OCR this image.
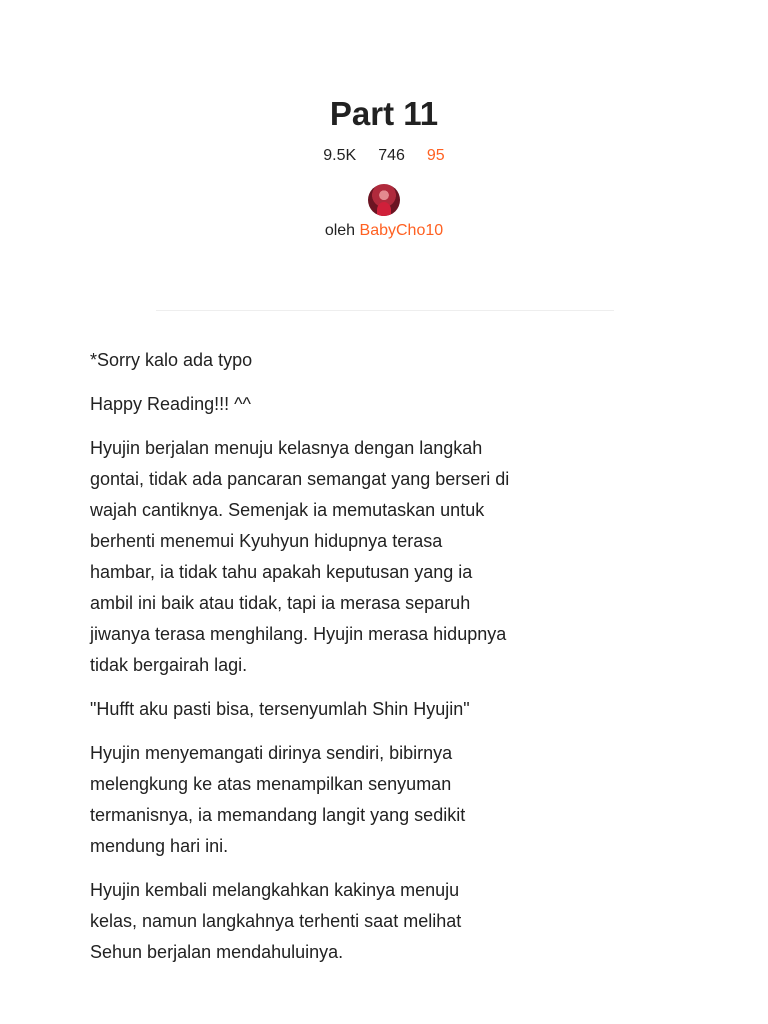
Part 11
9.5K 746 95
oleh BabyCho10

*Sorry kalo ada typo

Happy Reading!!! ^^

Hyujin berjalan menuju kelasnya dengan langkah gontai, tidak ada pancaran semangat yang berseri di wajah cantiknya. Semenjak ia memutaskan untuk berhenti menemui Kyuhyun hidupnya terasa hambar, ia tidak tahu apakah keputusan yang ia ambil ini baik atau tidak, tapi ia merasa separuh jiwanya terasa menghilang. Hyujin merasa hidupnya tidak bergairah lagi.

"Hufft aku pasti bisa, tersenyumlah Shin Hyujin"

Hyujin menyemangati dirinya sendiri, bibirnya melengkung ke atas menampilkan senyuman termanisnya, ia memandang langit yang sedikit mendung hari ini.

Hyujin kembali melangkahkan kakinya menuju kelas, namun langkahnya terhenti saat melihat Sehun berjalan mendahuluinya.
